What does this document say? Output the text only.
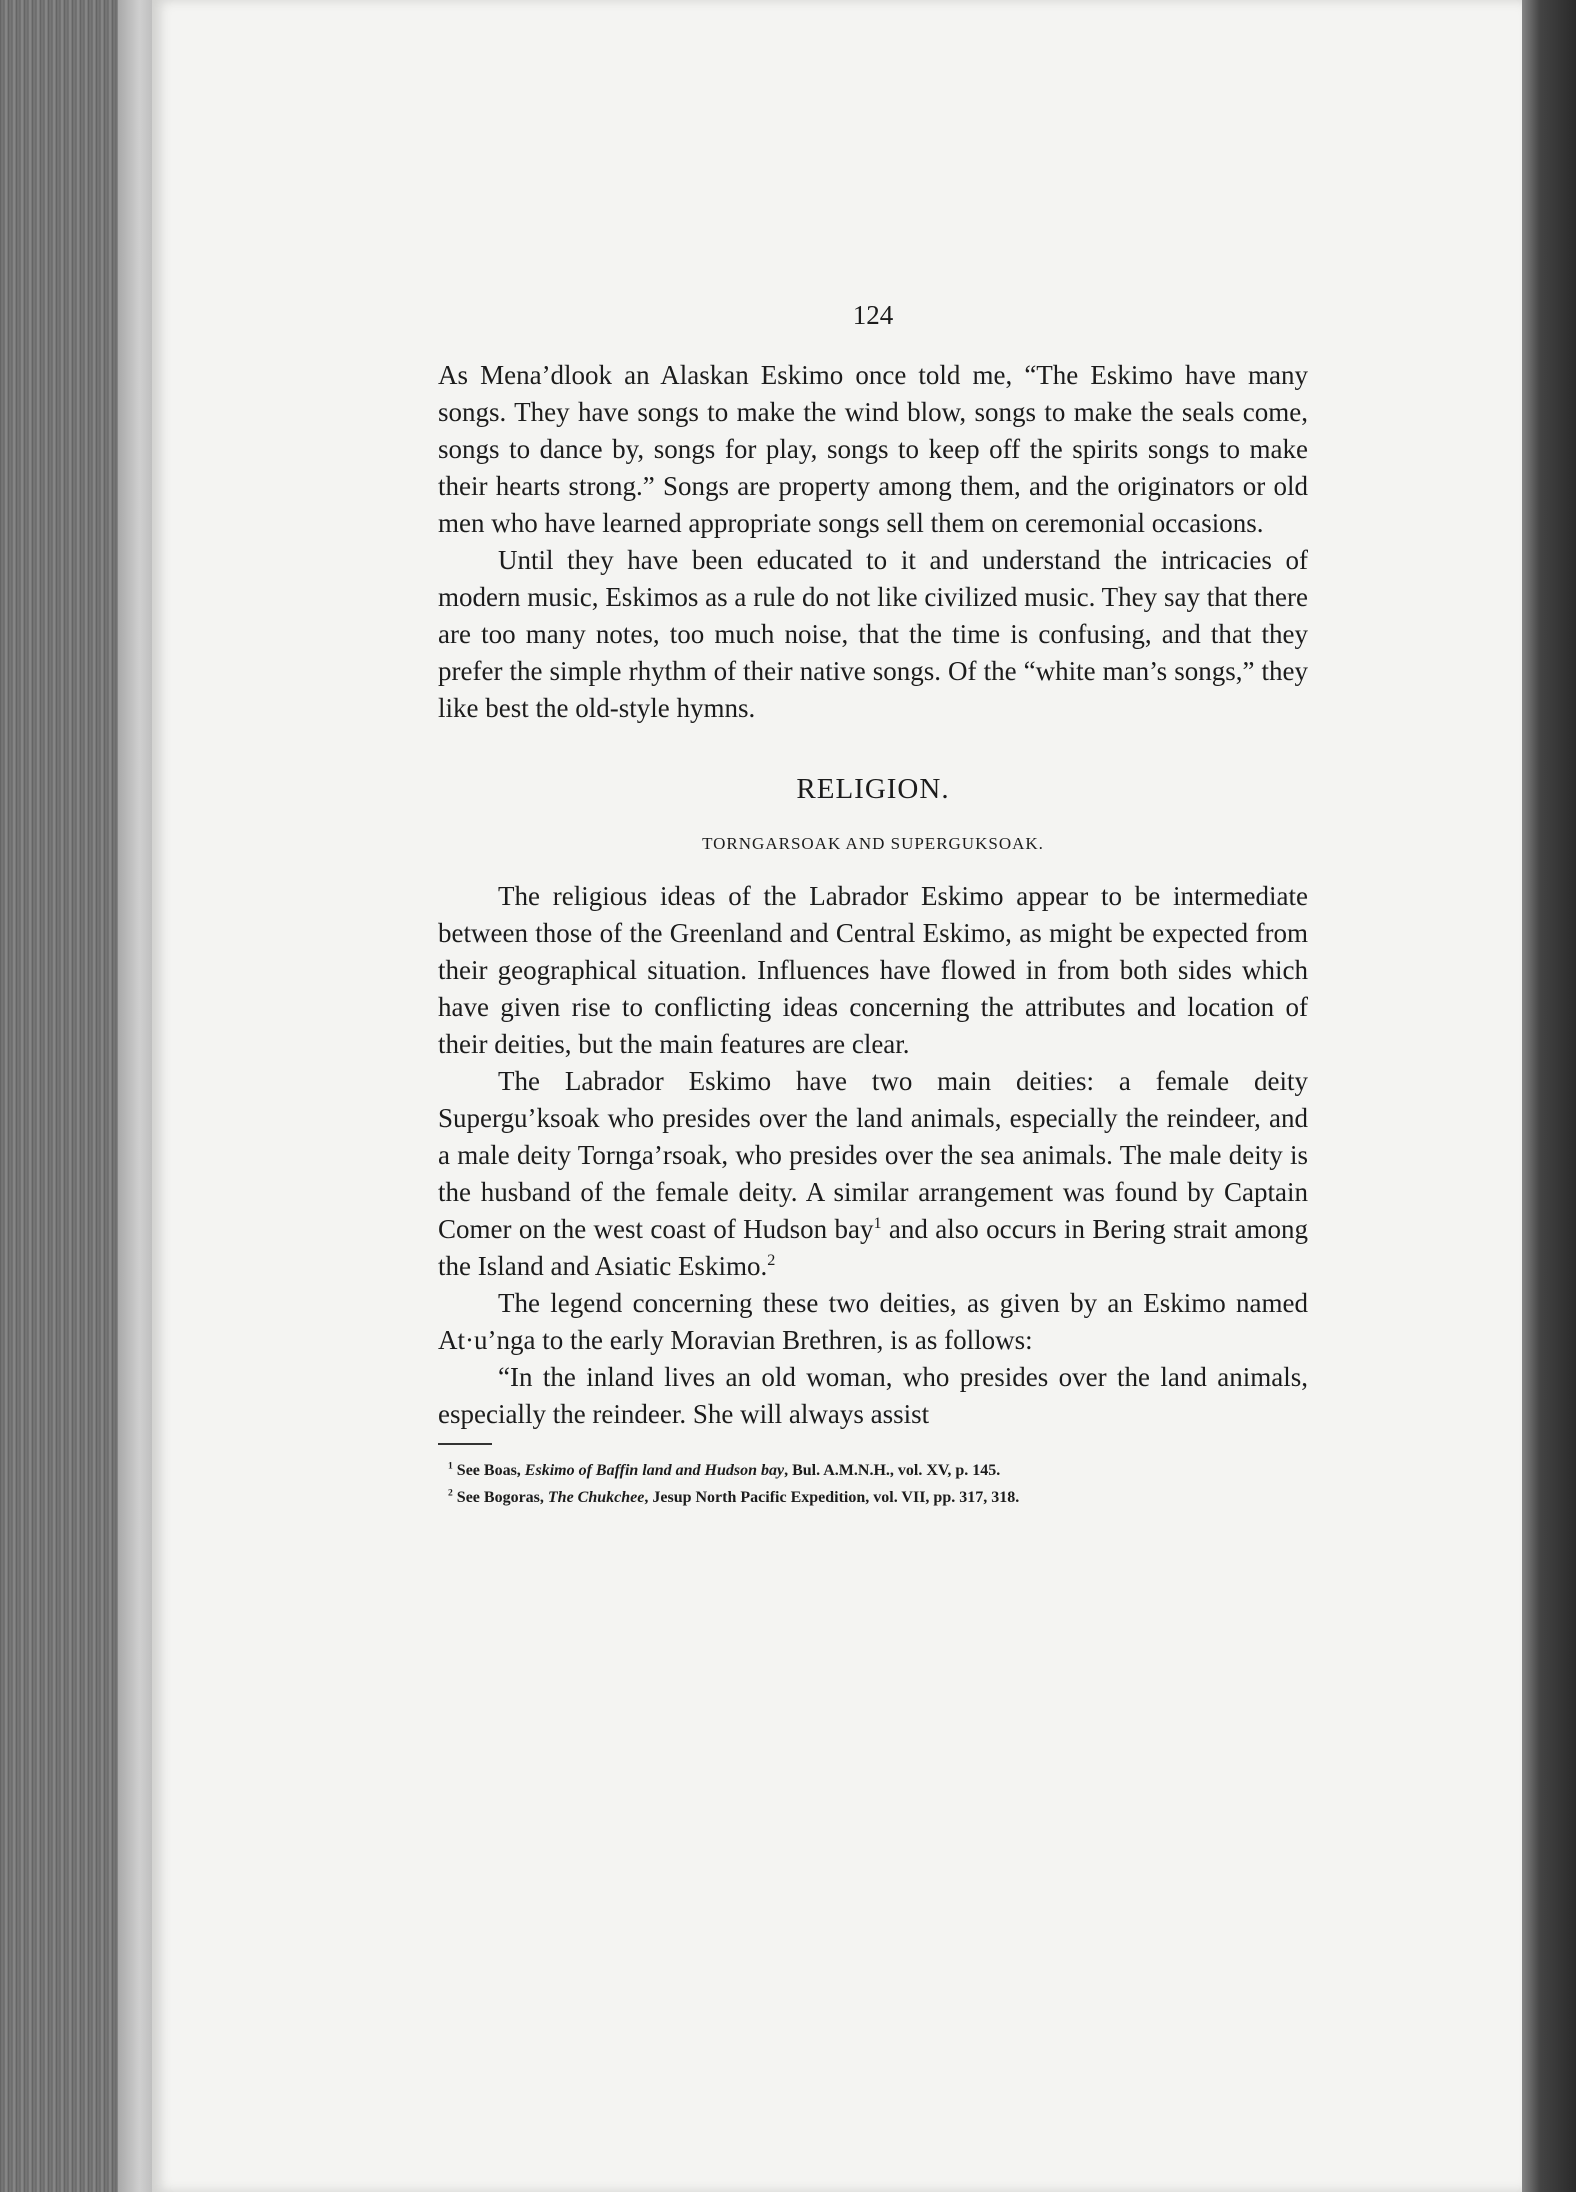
124

As Mena’dlook an Alaskan Eskimo once told me, “The Eskimo have many songs. They have songs to make the wind blow, songs to make the seals come, songs to dance by, songs for play, songs to keep off the spirits songs to make their hearts strong.” Songs are property among them, and the originators or old men who have learned appropriate songs sell them on ceremonial occasions.

Until they have been educated to it and understand the intricacies of modern music, Eskimos as a rule do not like civilized music. They say that there are too many notes, too much noise, that the time is confusing, and that they prefer the simple rhythm of their native songs. Of the “white man’s songs,” they like best the old-style hymns.

RELIGION.
TORNGARSOAK AND SUPERGUKSOAK.

The religious ideas of the Labrador Eskimo appear to be intermediate between those of the Greenland and Central Eskimo, as might be expected from their geographical situation. Influences have flowed in from both sides which have given rise to conflicting ideas concerning the attributes and location of their deities, but the main features are clear.

The Labrador Eskimo have two main deities: a female deity Supergu’ksoak who presides over the land animals, especially the reindeer, and a male deity Tornga’rsoak, who presides over the sea animals. The male deity is the husband of the female deity. A similar arrangement was found by Captain Comer on the west coast of Hudson bay$^1$ and also occurs in Bering strait among the Island and Asiatic Eskimo.$^2$

The legend concerning these two deities, as given by an Eskimo named At·u’nga to the early Moravian Brethren, is as follows:

“In the inland lives an old woman, who presides over the land animals, especially the reindeer. She will always assist

$^1$ See Boas, Eskimo of Baffin land and Hudson bay, Bul. A.M.N.H., vol. XV, p. 145.
$^2$ See Bogoras, The Chukchee, Jesup North Pacific Expedition, vol. VII, pp. 317, 318.
